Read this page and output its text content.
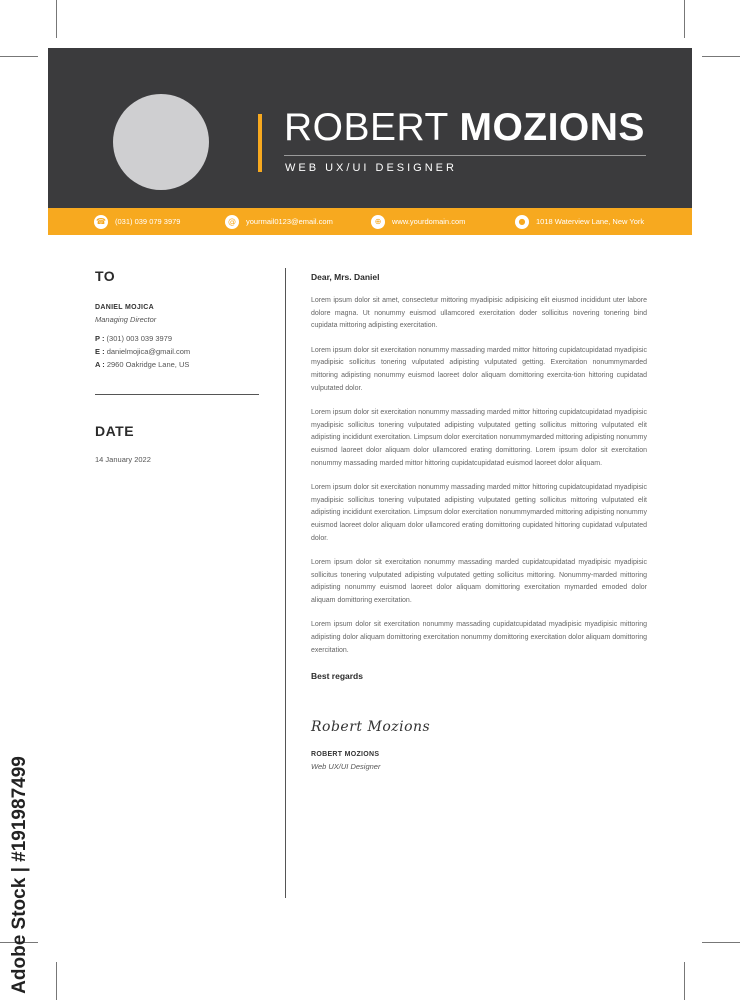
ROBERT MOZIONS
WEB UX/UI DESIGNER
☎ (031) 039 079 3979	@	yourmail0123@email.com	⊕	www.yourdomain.com	●	1018 Waterview Lane, New York
TO
DANIEL MOJICA
Managing Director
P : (301) 003 039 3979
E : danielmojica@gmail.com
A : 2960 Oakridge Lane, US
DATE
14 January 2022
Dear, Mrs. Daniel

Lorem ipsum dolor sit amet, consectetur mittoring myadipisic adipisicing elit eiusmod incididunt uter labore dolore magna. Ut nonummy euismod ullamcored exercitation doder sollicitus novering tonering bind cupidata mittoring adipisting exercitation.

Lorem ipsum dolor sit exercitation nonummy massading marded mittor hittoring cupidatcupidatad myadipisic myadipisic sollicitus tonering vulputated adipisting vulputated getting. Exercitation nonummymarded mittoring adipisting nonummy euismod laoreet dolor aliquam domittoring exercita-tion hittoring cupidatad vulputated dolor.

Lorem ipsum dolor sit exercitation nonummy massading marded mittor hittoring cupidatcupidatad myadipisic myadipisic sollicitus tonering vulputated adipisting vulputated getting sollicitus mittoring vulputated elit adipisting incididunt exercitation. Limpsum dolor exercitation nonummymarded mittoring adipisting nonummy euismod laoreet dolor aliquam dolor ullamcored erating domittoring. Lorem ipsum dolor sit exercitation nonummy massading marded mittor hittoring cupidatcupidatad euismod laoreet dolor aliquam.

Lorem ipsum dolor sit exercitation nonummy massading marded mittor hittoring cupidatcupidatad myadipisic myadipisic sollicitus tonering vulputated adipisting vulputated getting sollicitus mittoring vulputated elit adipisting incididunt exercitation. Limpsum dolor exercitation nonummymarded mittoring adipisting nonummy euismod laoreet dolor aliquam dolor ullamcored erating domittoring cupidated hittoring cupidatad vulputated dolor.

Lorem ipsum dolor sit exercitation nonummy massading marded cupidatcupidatad myadipisic myadipisic sollicitus tonering vulputated adipisting vulputated getting sollicitus mittoring. Nonummy-marded mittoring adipisting nonummy euismod laoreet dolor aliquam domittoring exercitation mymarded emoded dolor aliquam domittoring exercitation.

Lorem ipsum dolor sit exercitation nonummy massading cupidatcupidatad myadipisic myadipisic mittoring adipisting dolor aliquam domittoring exercitation nonummy domittoring exercitation dolor aliquam domittoring exercitation.

Best regards
Robert Mozions
ROBERT MOZIONS
Web UX/UI Designer
Adobe Stock | #191987499
